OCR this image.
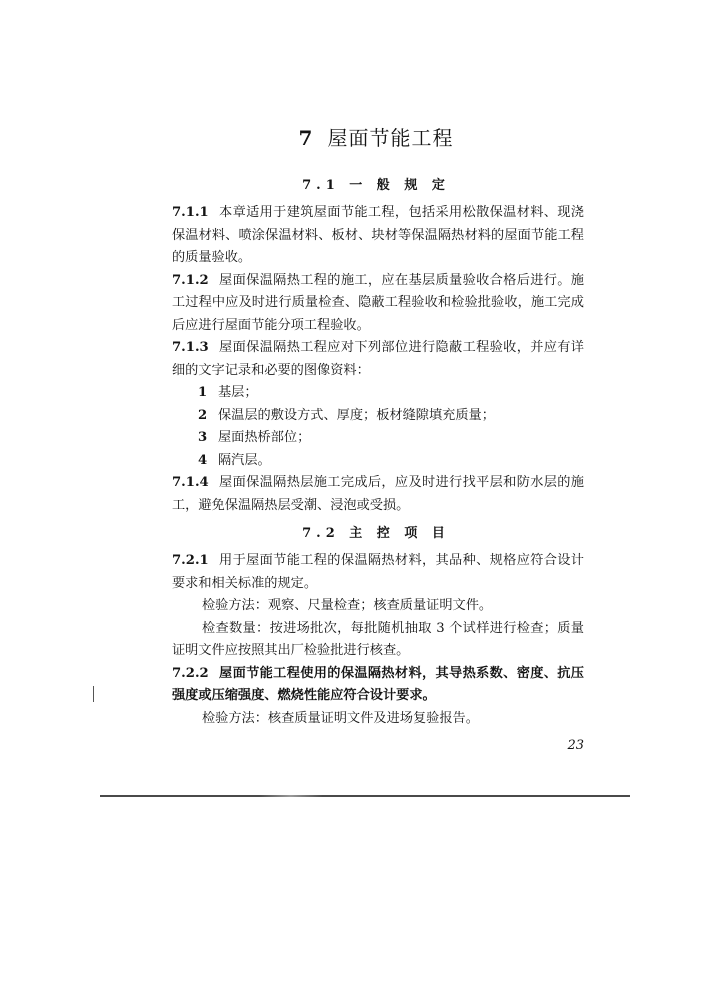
7 屋面节能工程
7.1 一 般 规 定

7.1.1 本章适用于建筑屋面节能工程，包括采用松散保温材料、现浇保温材料、喷涂保温材料、板材、块材等保温隔热材料的屋面节能工程的质量验收。

7.1.2 屋面保温隔热工程的施工，应在基层质量验收合格后进行。施工过程中应及时进行质量检查、隐蔽工程验收和检验批验收，施工完成后应进行屋面节能分项工程验收。

7.1.3 屋面保温隔热工程应对下列部位进行隐蔽工程验收，并应有详细的文字记录和必要的图像资料：

1 基层；

2 保温层的敷设方式、厚度；板材缝隙填充质量；

3 屋面热桥部位；

4 隔汽层。

7.1.4 屋面保温隔热层施工完成后，应及时进行找平层和防水层的施工，避免保温隔热层受潮、浸泡或受损。

7.2 主 控 项 目

7.2.1 用于屋面节能工程的保温隔热材料，其品种、规格应符合设计要求和相关标准的规定。

检验方法：观察、尺量检查；核查质量证明文件。

检查数量：按进场批次，每批随机抽取 3 个试样进行检查；质量证明文件应按照其出厂检验批进行核查。

7.2.2 屋面节能工程使用的保温隔热材料，其导热系数、密度、抗压强度或压缩强度、燃烧性能应符合设计要求。

检验方法：核查质量证明文件及进场复验报告。

23
